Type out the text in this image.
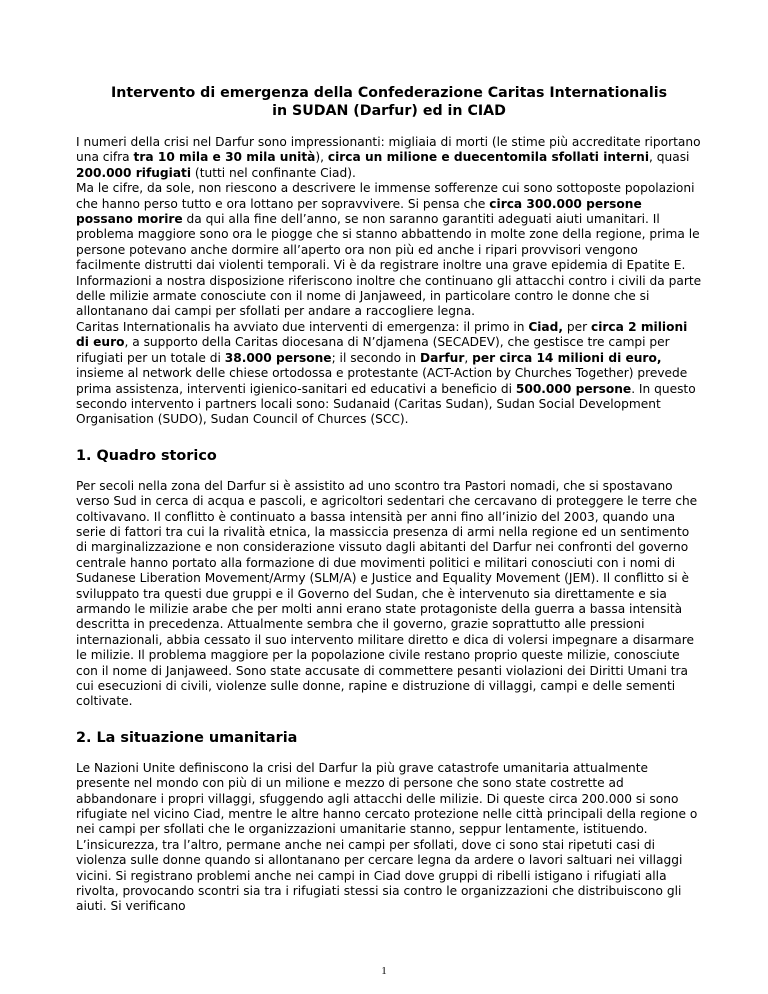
Intervento di emergenza della Confederazione Caritas Internationalis
in SUDAN (Darfur) ed in CIAD

I numeri della crisi nel Darfur sono impressionanti: migliaia di morti (le stime più accreditate riportano una cifra tra 10 mila e 30 mila unità), circa un milione e duecentomila sfollati interni, quasi 200.000 rifugiati (tutti nel confinante Ciad).

Ma le cifre, da sole, non riescono a descrivere le immense sofferenze cui sono sottoposte popolazioni che hanno perso tutto e ora lottano per sopravvivere. Si pensa che circa 300.000 persone possano morire da qui alla fine dell’anno, se non saranno garantiti adeguati aiuti umanitari. Il problema maggiore sono ora le piogge che si stanno abbattendo in molte zone della regione, prima le persone potevano anche dormire all’aperto ora non più ed anche i ripari provvisori vengono facilmente distrutti dai violenti temporali. Vi è da registrare inoltre una grave epidemia di Epatite E.

Informazioni a nostra disposizione riferiscono inoltre che continuano gli attacchi contro i civili da parte delle milizie armate conosciute con il nome di Janjaweed, in particolare contro le donne che si allontanano dai campi per sfollati per andare a raccogliere legna.

Caritas Internationalis ha avviato due interventi di emergenza: il primo in Ciad, per circa 2 milioni di euro, a supporto della Caritas diocesana di N’djamena (SECADEV), che gestisce tre campi per rifugiati per un totale di 38.000 persone; il secondo in Darfur, per circa 14 milioni di euro, insieme al network delle chiese ortodossa e protestante (ACT-Action by Churches Together) prevede prima assistenza, interventi igienico-sanitari ed educativi a beneficio di 500.000 persone. In questo secondo intervento i partners locali sono: Sudanaid (Caritas Sudan), Sudan Social Development Organisation (SUDO), Sudan Council of Churces (SCC).

1. Quadro storico

Per secoli nella zona del Darfur si è assistito ad uno scontro tra Pastori nomadi, che si spostavano verso Sud in cerca di acqua e pascoli, e agricoltori sedentari che cercavano di proteggere le terre che coltivavano. Il conflitto è continuato a bassa intensità per anni fino all’inizio del 2003, quando una serie di fattori tra cui la rivalità etnica, la massiccia presenza di armi nella regione ed un sentimento di marginalizzazione e non considerazione vissuto dagli abitanti del Darfur nei confronti del governo centrale hanno portato alla formazione di due movimenti politici e militari conosciuti con i nomi di Sudanese Liberation Movement/Army (SLM/A) e Justice and Equality Movement (JEM). Il conflitto si è sviluppato tra questi due gruppi e il Governo del Sudan, che è intervenuto sia direttamente e sia armando le milizie arabe che per molti anni erano state protagoniste della guerra a bassa intensità descritta in precedenza. Attualmente sembra che il governo, grazie soprattutto alle pressioni internazionali, abbia cessato il suo intervento militare diretto e dica di volersi impegnare a disarmare le milizie. Il problema maggiore per la popolazione civile restano proprio queste milizie, conosciute con il nome di Janjaweed. Sono state accusate di commettere pesanti violazioni dei Diritti Umani tra cui esecuzioni di civili, violenze sulle donne, rapine e distruzione di villaggi, campi e delle sementi coltivate.

2. La situazione umanitaria

Le Nazioni Unite definiscono la crisi del Darfur la più grave catastrofe umanitaria attualmente presente nel mondo con più di un milione e mezzo di persone che sono state costrette ad abbandonare i propri villaggi, sfuggendo agli attacchi delle milizie. Di queste circa 200.000 si sono rifugiate nel vicino Ciad, mentre le altre hanno cercato protezione nelle città principali della regione o nei campi per sfollati che le organizzazioni umanitarie stanno, seppur lentamente, istituendo. L’insicurezza, tra l’altro, permane anche nei campi per sfollati, dove ci sono stai ripetuti casi di violenza sulle donne quando si allontanano per cercare legna da ardere o lavori saltuari nei villaggi vicini. Si registrano problemi anche nei campi in Ciad dove gruppi di ribelli istigano i rifugiati alla rivolta, provocando scontri sia tra i rifugiati stessi sia contro le organizzazioni che distribuiscono gli aiuti. Si verificano

1
